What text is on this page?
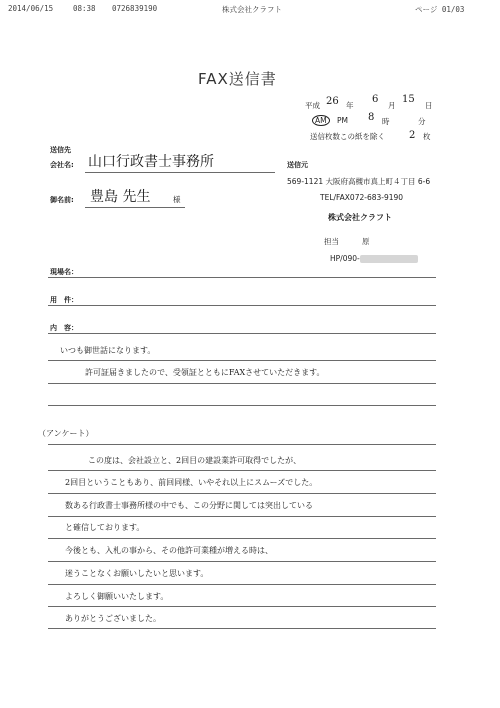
2014/06/15	08:38 0726839190	株式会社クラフト	ページ 01/03
FAX送信書
平成 26 年
6
月
15
日
AM	PM 8 時	分
送信枚数この紙を除く 2 枚
送信先
会社名: 山口行政書士事務所
御名前: 豊島 先生	様
送信元
569-1121 大阪府高槻市真上町４丁目 6-6
TEL/FAX072-683-9190
株式会社クラフト
担当	原
HP/090-
現場名：
用　件：
内　容：
いつも御世話になります。
許可証届きましたので、受領証とともにFAXさせていただきます。
（アンケート）
この度は、会社設立と、2回目の建設業許可取得でしたが、
2回目ということもあり、前回同様、いやそれ以上にスムーズでした。
数ある行政書士事務所様の中でも、この分野に関しては突出している
と確信しております。
今後とも、入札の事から、その他許可業種が増える時は、
迷うことなくお願いしたいと思います。
よろしく御願いいたします。
ありがとうございました。
